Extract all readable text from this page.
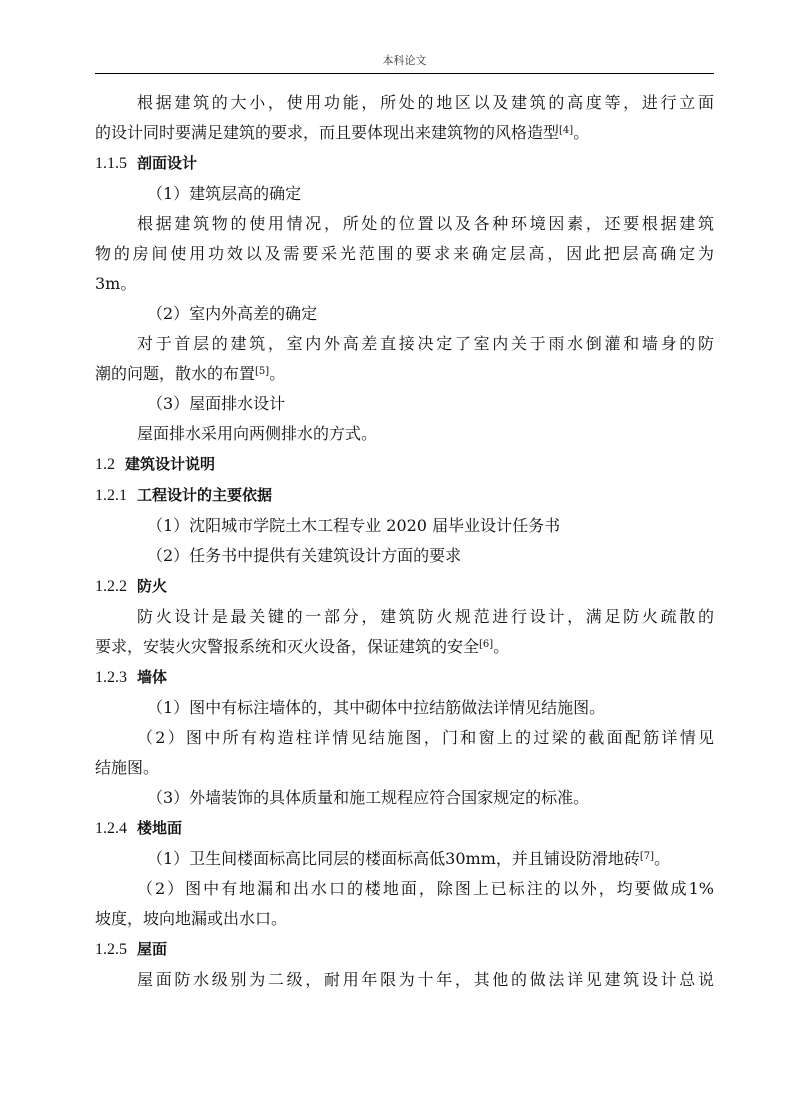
本科论文
根据建筑的大小，使用功能，所处的地区以及建筑的高度等，进行立面
的设计同时要满足建筑的要求，而且要体现出来建筑物的风格造型[4]。
1.1.5 剖面设计
（1）建筑层高的确定
根据建筑物的使用情况，所处的位置以及各种环境因素，还要根据建筑
物的房间使用功效以及需要采光范围的要求来确定层高，因此把层高确定为
3m。
（2）室内外高差的确定
对于首层的建筑，室内外高差直接决定了室内关于雨水倒灌和墙身的防
潮的问题，散水的布置[5]。
（3）屋面排水设计
屋面排水采用向两侧排水的方式。
1.2 建筑设计说明
1.2.1 工程设计的主要依据
（1）沈阳城市学院土木工程专业 2020 届毕业设计任务书
（2）任务书中提供有关建筑设计方面的要求
1.2.2 防火
防火设计是最关键的一部分，建筑防火规范进行设计，满足防火疏散的
要求，安装火灾警报系统和灭火设备，保证建筑的安全[6]。
1.2.3 墙体
（1）图中有标注墙体的，其中砌体中拉结筋做法详情见结施图。
（2）图中所有构造柱详情见结施图，门和窗上的过梁的截面配筋详情见
结施图。
（3）外墙装饰的具体质量和施工规程应符合国家规定的标准。
1.2.4 楼地面
（1）卫生间楼面标高比同层的楼面标高低30mm，并且铺设防滑地砖[7]。
（2）图中有地漏和出水口的楼地面，除图上已标注的以外，均要做成1%
坡度，坡向地漏或出水口。
1.2.5 屋面
屋面防水级别为二级，耐用年限为十年，其他的做法详见建筑设计总说
